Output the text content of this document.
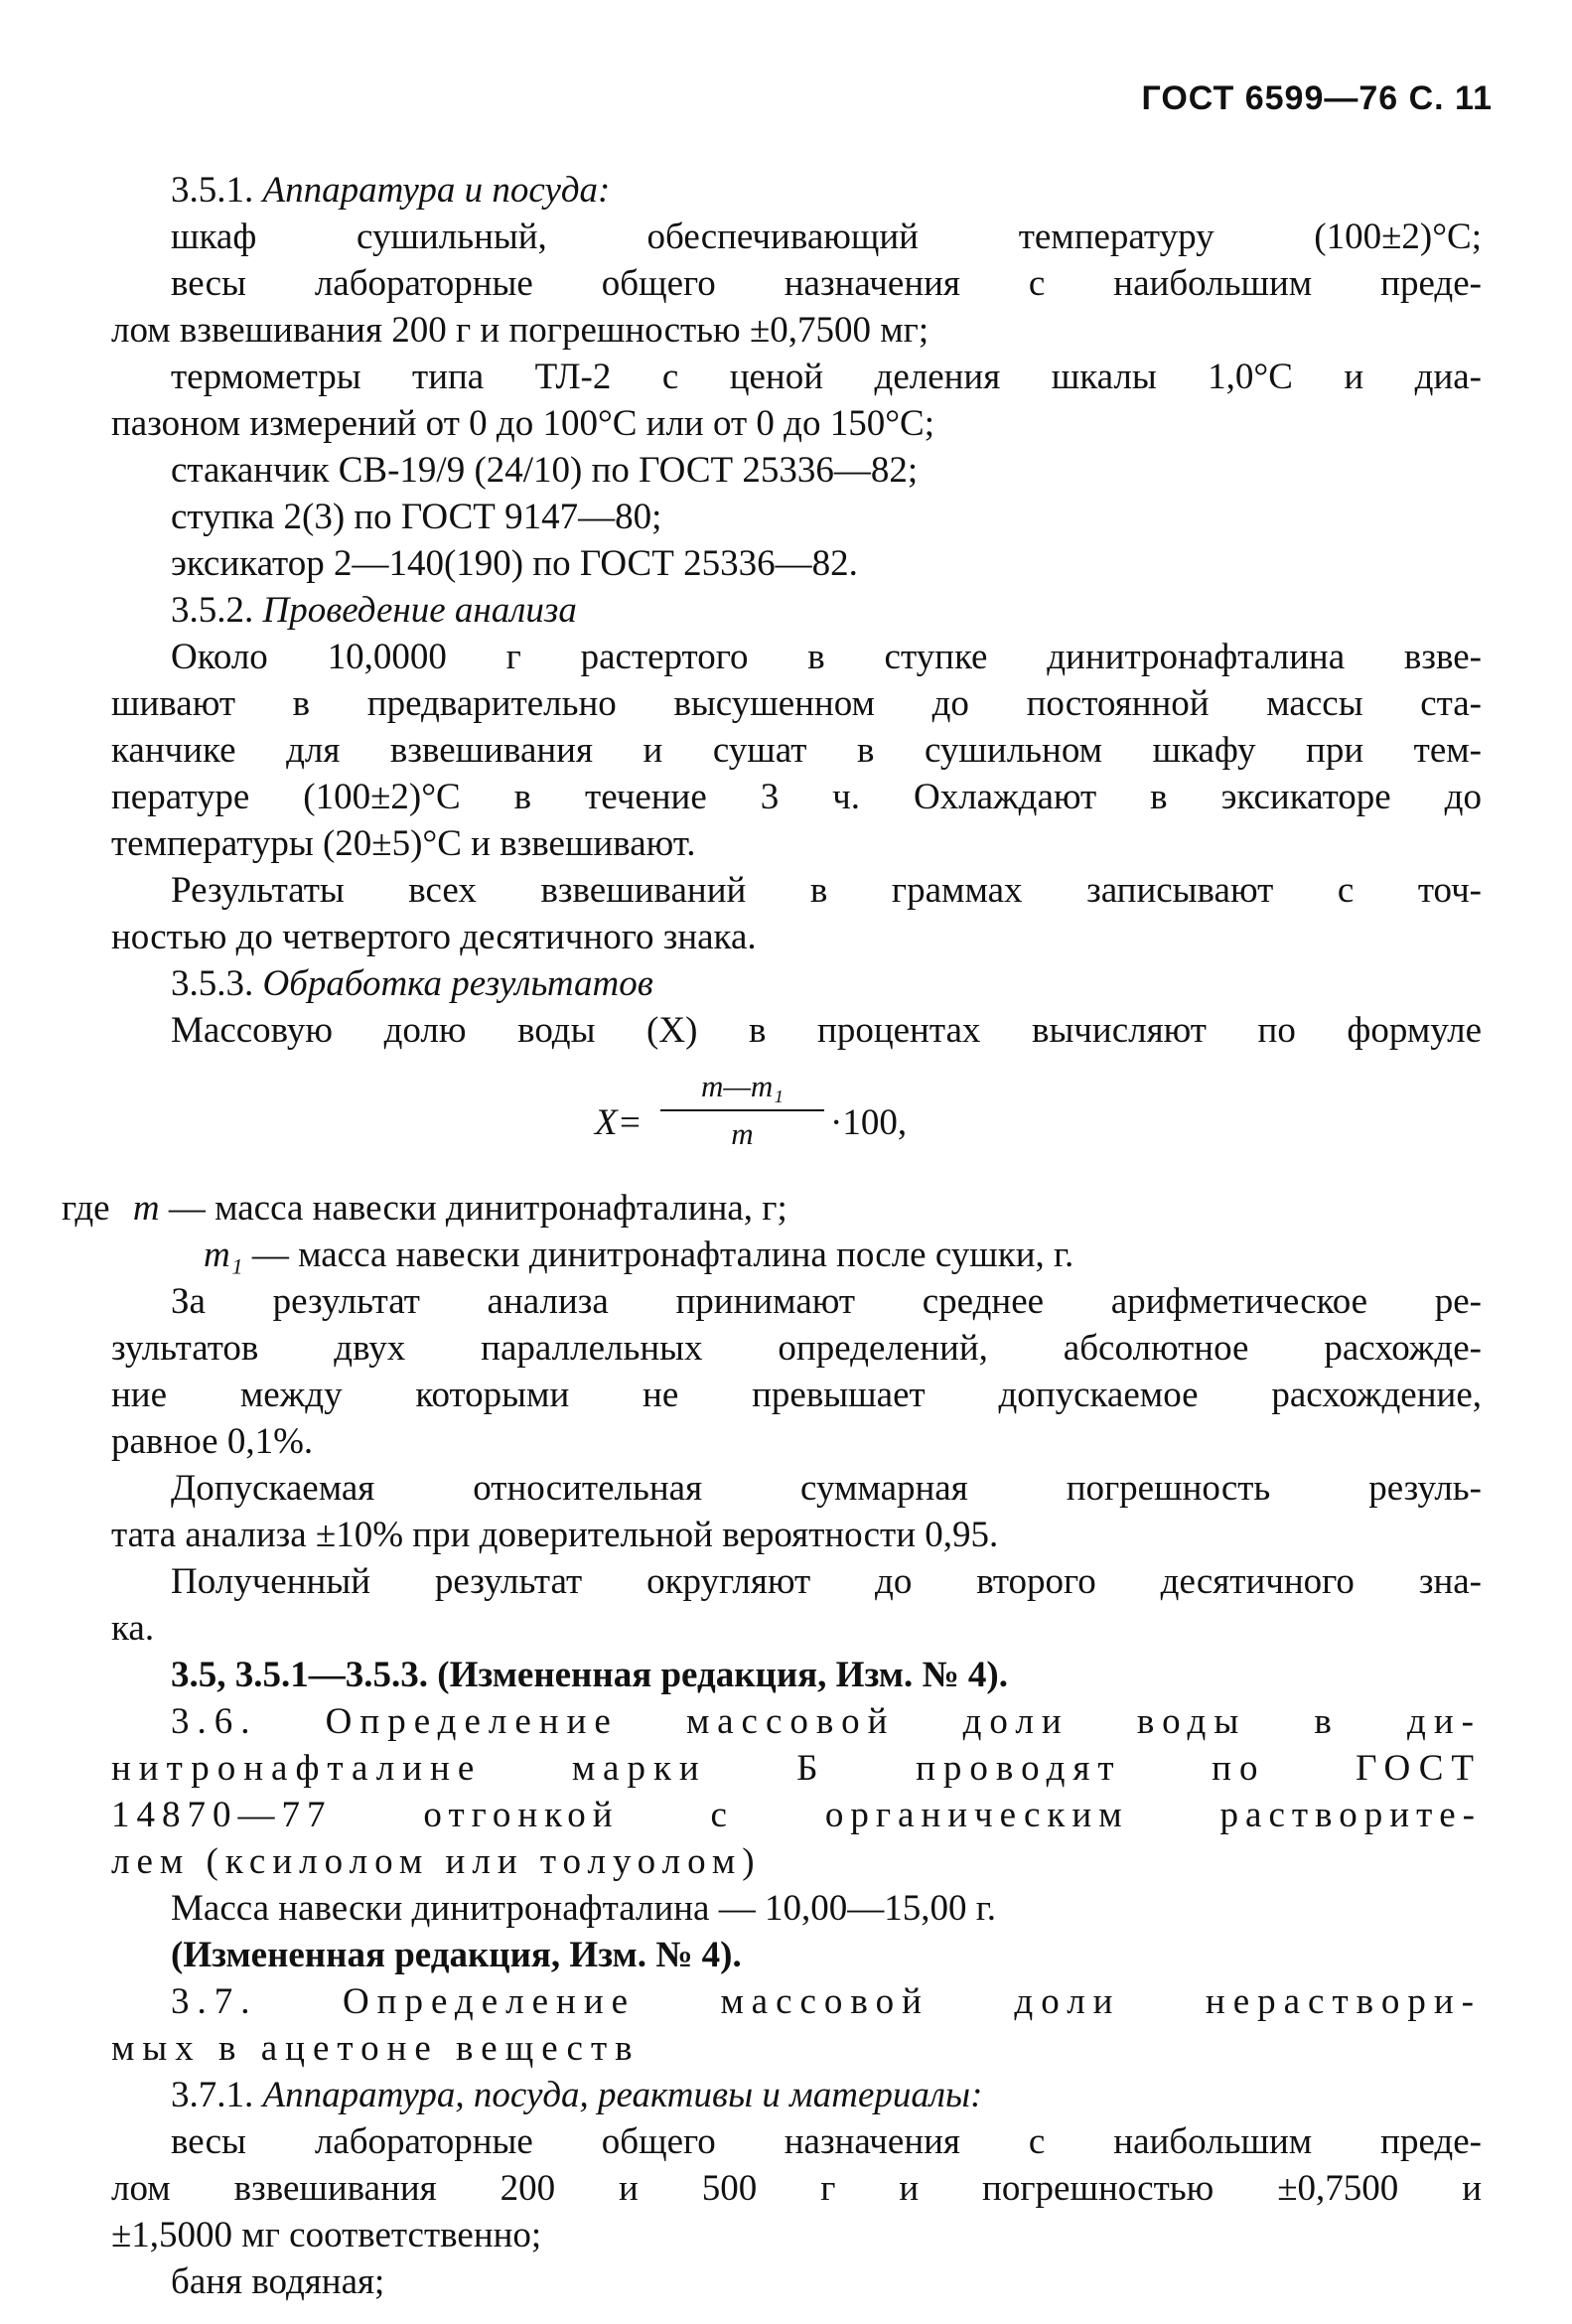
ГОСТ 6599—76 С. 11
3.5.1. Аппаратура и посуда:
шкаф сушильный, обеспечивающий температуру (100±2)°С;
весы лабораторные общего назначения с наибольшим преде-
лом взвешивания 200 г и погрешностью ±0,7500 мг;
термометры типа ТЛ-2 с ценой деления шкалы 1,0°С и диа-
пазоном измерений от 0 до 100°С или от 0 до 150°С;
стаканчик СВ-19/9 (24/10) по ГОСТ 25336—82;
ступка 2(3) по ГОСТ 9147—80;
эксикатор 2—140(190) по ГОСТ 25336—82.
3.5.2. Проведение анализа
Около 10,0000 г растертого в ступке динитронафталина взве-
шивают в предварительно высушенном до постоянной массы ста-
канчике для взвешивания и сушат в сушильном шкафу при тем-
пературе (100±2)°С в течение 3 ч. Охлаждают в эксикаторе до
температуры (20±5)°С и взвешивают.
Результаты всех взвешиваний в граммах записывают с точ-
ностью до четвертого десятичного знака.
3.5.3. Обработка результатов
Массовую долю воды (X) в процентах вычисляют по формуле
X=
m—m₁
m	·100,
где m — масса навески динитронафталина, г;
m₁ — масса навески динитронафталина после сушки, г.
За результат анализа принимают среднее арифметическое ре-
зультатов двух параллельных определений, абсолютное расхожде-
ние между которыми не превышает допускаемое расхождение,
равное 0,1%.
Допускаемая относительная суммарная погрешность резуль-
тата анализа ±10% при доверительной вероятности 0,95.
Полученный результат округляют до второго десятичного зна-
ка.
3.5, 3.5.1—3.5.3. (Измененная редакция, Изм. № 4).
3.6. Определение массовой доли воды в ди-
нитронафталине марки Б проводят по ГОСТ
14870—77 отгонкой с органическим растворите-
лем (ксилолом или толуолом)
Масса навески динитронафталина — 10,00—15,00 г.
(Измененная редакция, Изм. № 4).
3.7. Определение массовой доли нераствори-
мых в ацетоне веществ
3.7.1. Аппаратура, посуда, реактивы и материалы:
весы лабораторные общего назначения с наибольшим преде-
лом взвешивания 200 и 500 г и погрешностью ±0,7500 и
±1,5000 мг соответственно;
баня водяная;
